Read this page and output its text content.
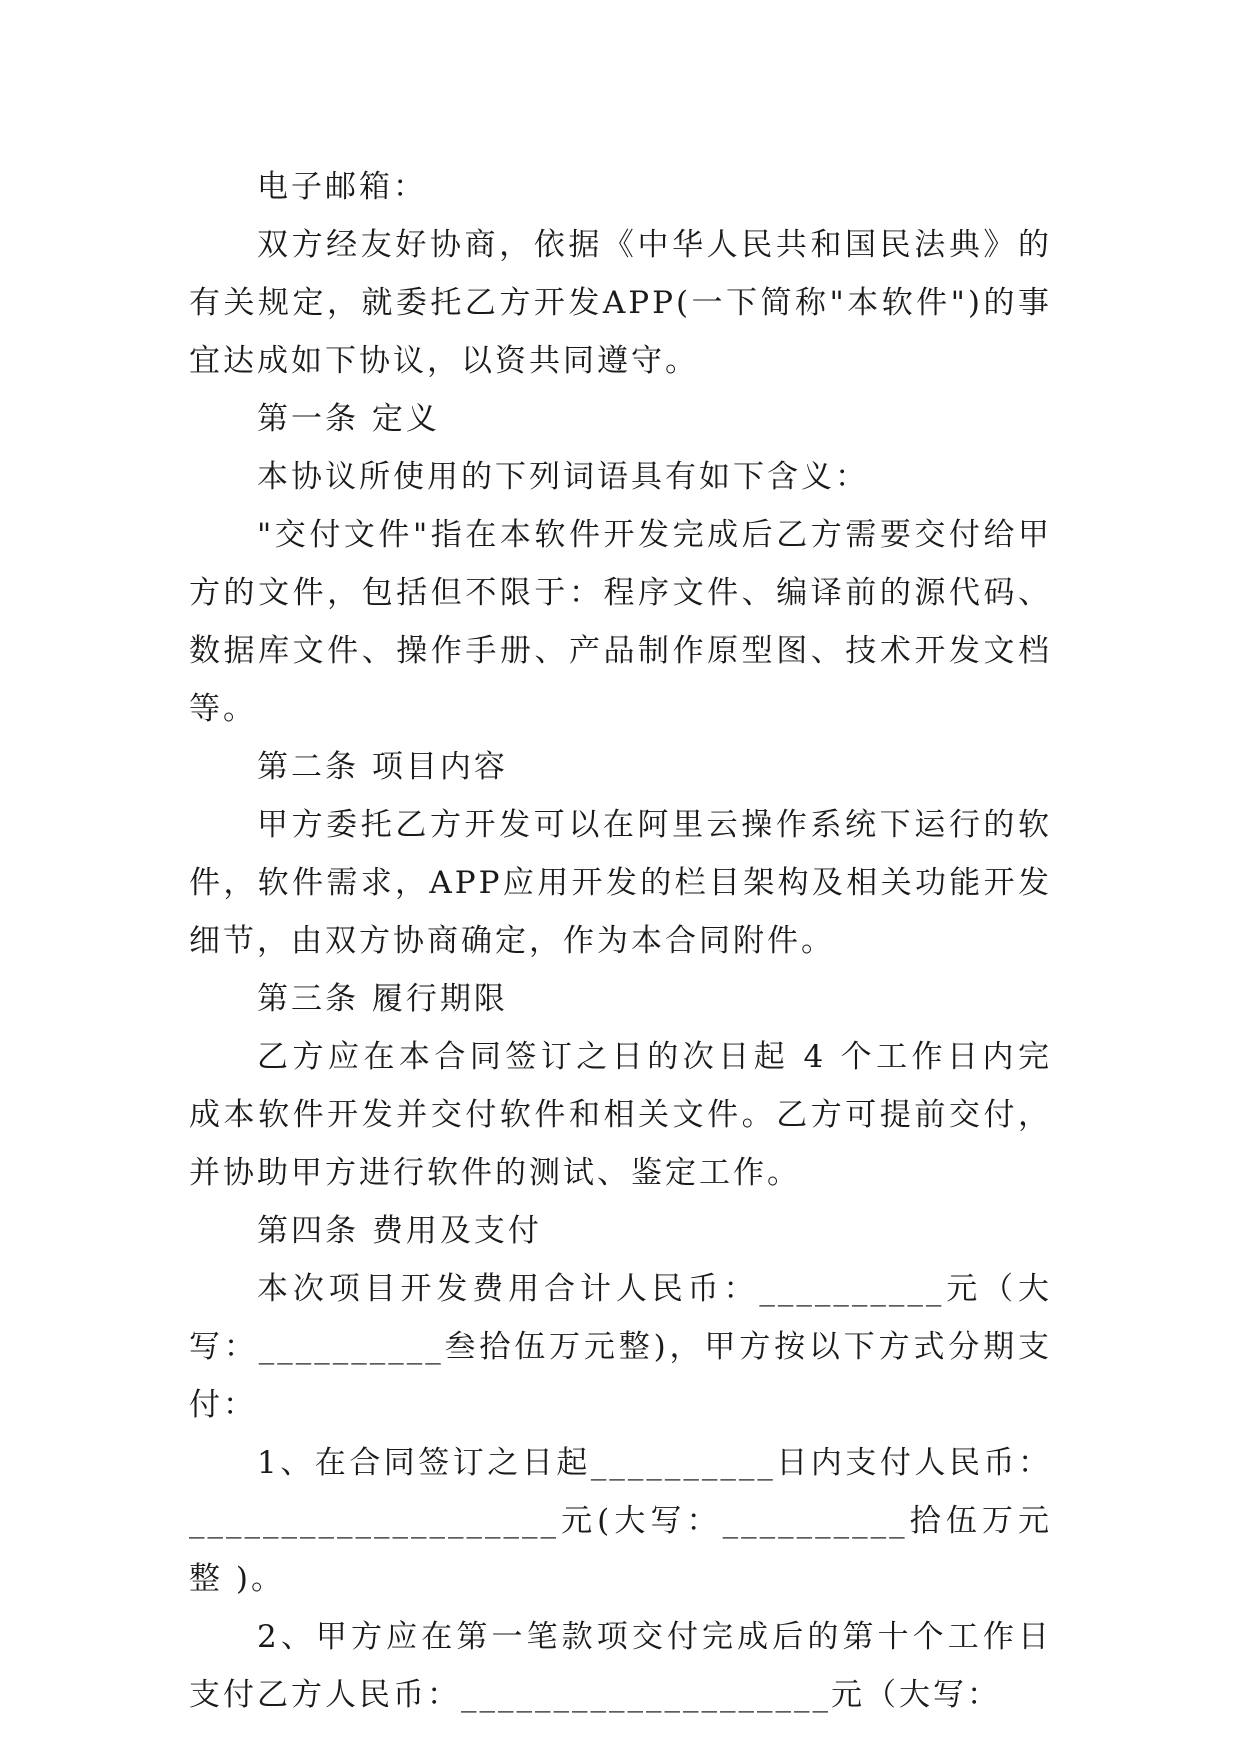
电子邮箱：

双方经友好协商，依据《中华人民共和国民法典》的有关规定，就委托乙方开发APP(一下简称"本软件")的事宜达成如下协议，以资共同遵守。

第一条 定义

本协议所使用的下列词语具有如下含义：

"交付文件"指在本软件开发完成后乙方需要交付给甲方的文件，包括但不限于：程序文件、编译前的源代码、数据库文件、操作手册、产品制作原型图、技术开发文档等。

第二条 项目内容

甲方委托乙方开发可以在阿里云操作系统下运行的软件，软件需求，APP应用开发的栏目架构及相关功能开发细节，由双方协商确定，作为本合同附件。

第三条 履行期限

乙方应在本合同签订之日的次日起 4 个工作日内完成本软件开发并交付软件和相关文件。乙方可提前交付，并协助甲方进行软件的测试、鉴定工作。

第四条 费用及支付

本次项目开发费用合计人民币：__________元（大写：__________叁拾伍万元整)，甲方按以下方式分期支付：

1、在合同签订之日起__________日内支付人民币：____________________元(大写：__________拾伍万元整 )。

2、甲方应在第一笔款项交付完成后的第十个工作日支付乙方人民币：____________________元（大写：
